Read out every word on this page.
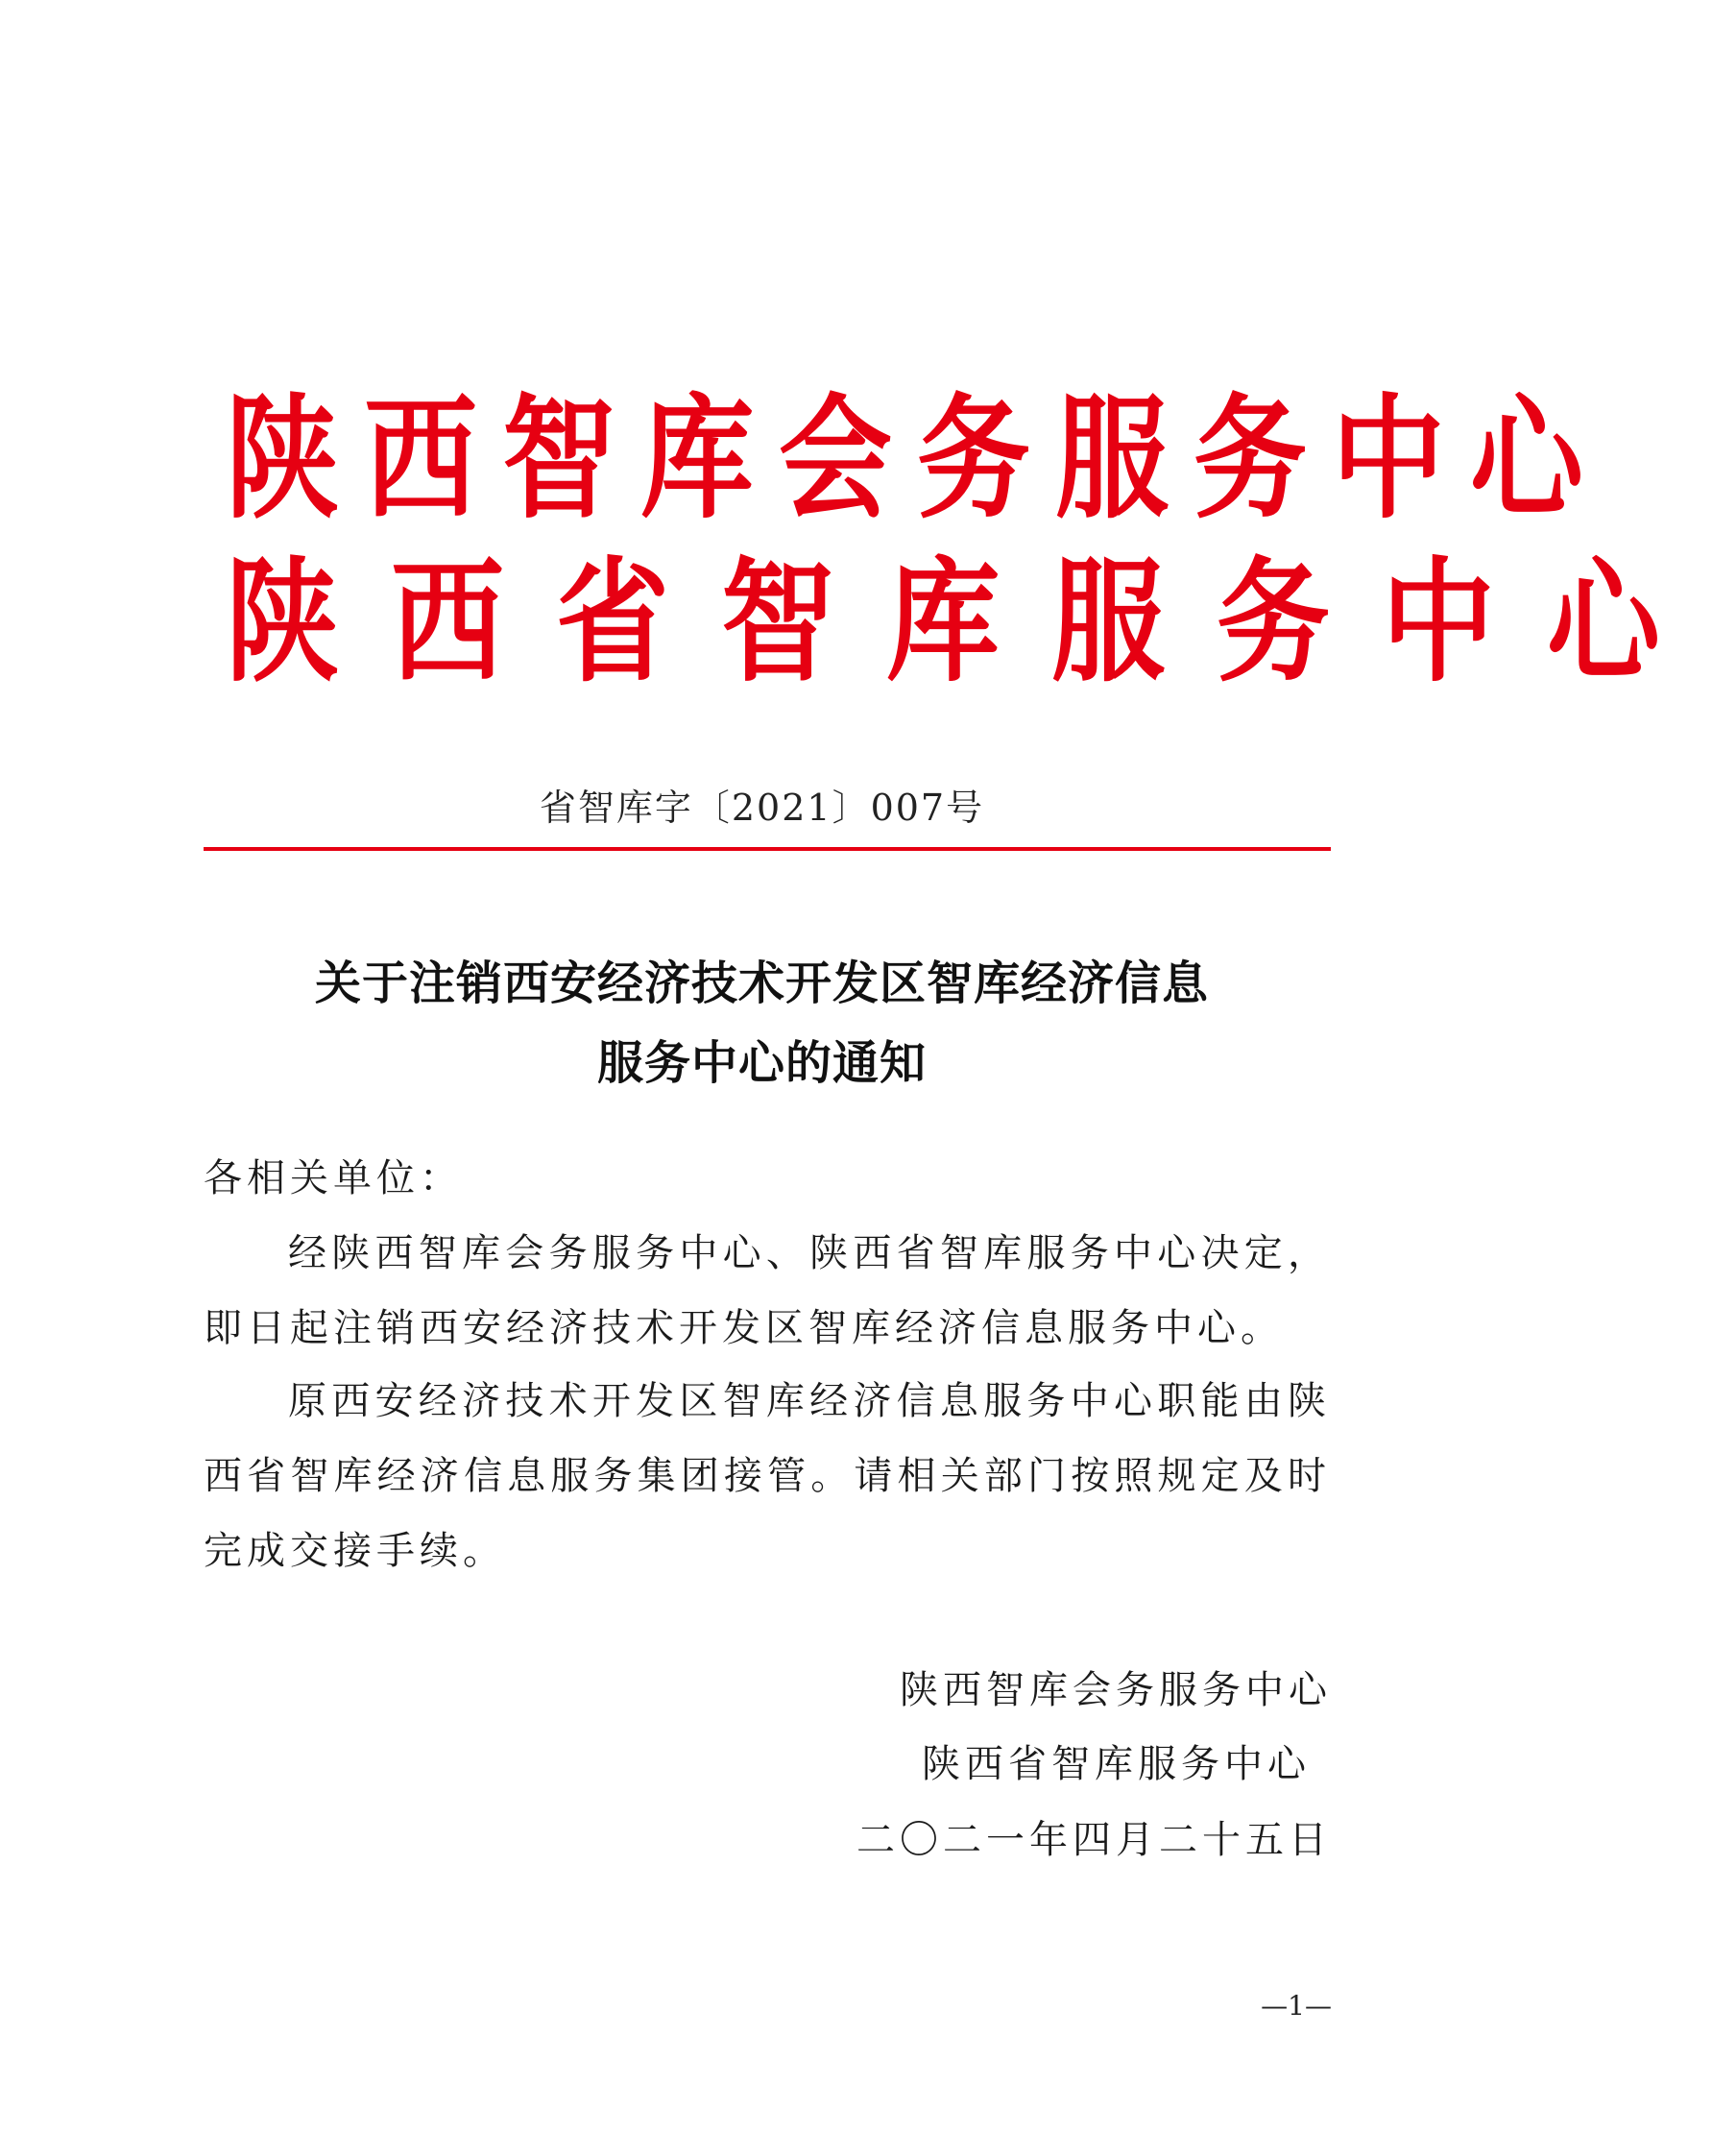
陕西智库会务服务中心
陕西省智库服务中心
省智库字〔2021〕007号
关于注销西安经济技术开发区智库经济信息
服务中心的通知
各相关单位：
经陕西智库会务服务中心、陕西省智库服务中心决定，即日起注销西安经济技术开发区智库经济信息服务中心。
原西安经济技术开发区智库经济信息服务中心职能由陕西省智库经济信息服务集团接管。请相关部门按照规定及时完成交接手续。
陕西智库会务服务中心
陕西省智库服务中心
二〇二一年四月二十五日
—1—
